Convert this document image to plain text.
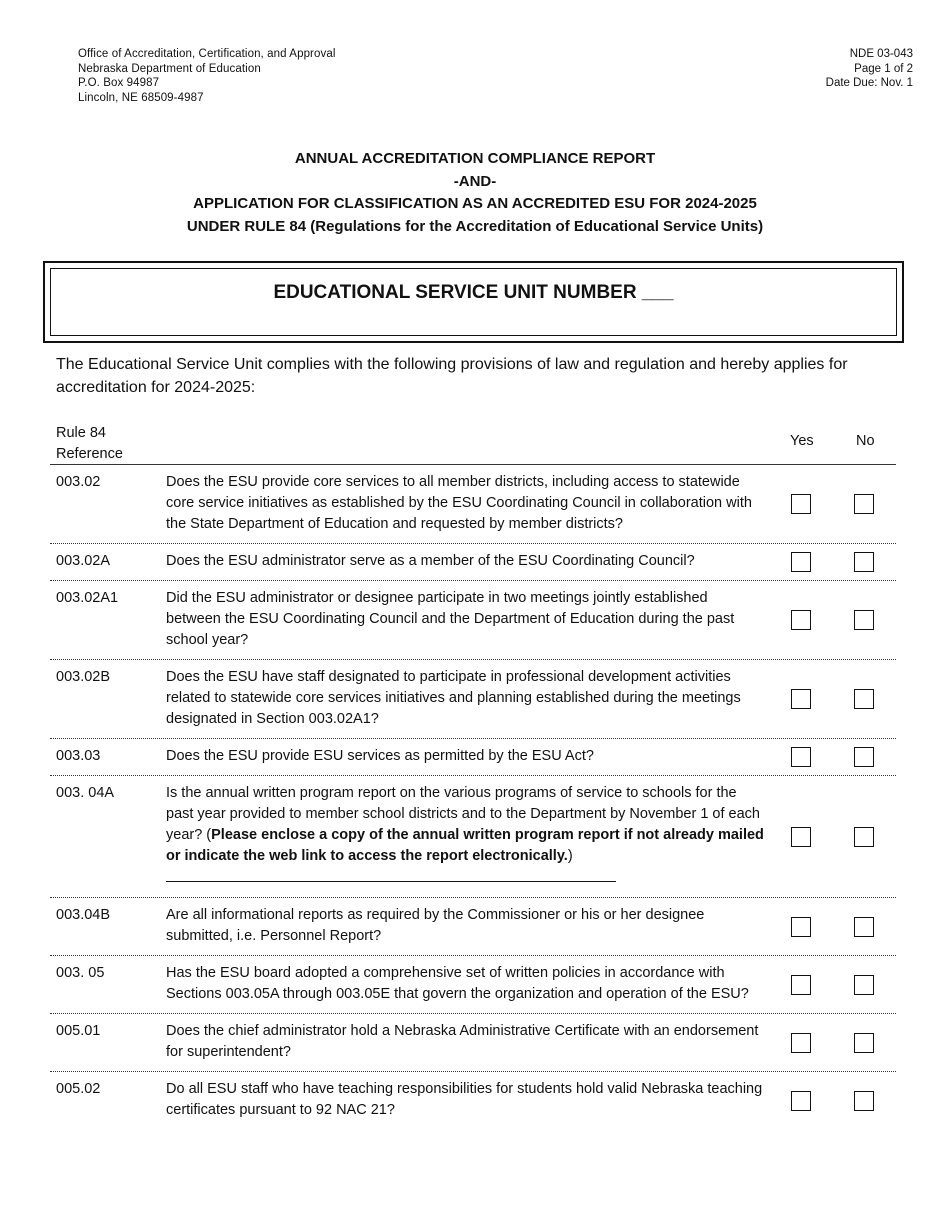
Office of Accreditation, Certification, and Approval
Nebraska Department of Education
P.O. Box 94987
Lincoln, NE 68509-4987
NDE 03-043
Page 1 of 2
Date Due: Nov. 1
ANNUAL ACCREDITATION COMPLIANCE REPORT
-AND-
APPLICATION FOR CLASSIFICATION AS AN ACCREDITED ESU FOR 2024-2025
UNDER RULE 84 (Regulations for the Accreditation of Educational Service Units)
EDUCATIONAL SERVICE UNIT NUMBER ___
The Educational Service Unit complies with the following provisions of law and regulation and hereby applies for accreditation for 2024-2025:
Rule 84
Reference
Yes	No
003.02	Does the ESU provide core services to all member districts, including access to statewide core service initiatives as established by the ESU Coordinating Council in collaboration with the State Department of Education and requested by member districts?
003.02A	Does the ESU administrator serve as a member of the ESU Coordinating Council?
003.02A1	Did the ESU administrator or designee participate in two meetings jointly established between the ESU Coordinating Council and the Department of Education during the past school year?
003.02B	Does the ESU have staff designated to participate in professional development activities related to statewide core services initiatives and planning established during the meetings designated in Section 003.02A1?
003.03	Does the ESU provide ESU services as permitted by the ESU Act?
003. 04A	Is the annual written program report on the various programs of service to schools for the past year provided to member school districts and to the Department by November 1 of each year? (Please enclose a copy of the annual written program report if not already mailed or indicate the web link to access the report electronically.)
003.04B	Are all informational reports as required by the Commissioner or his or her designee submitted, i.e. Personnel Report?
003. 05	Has the ESU board adopted a comprehensive set of written policies in accordance with Sections 003.05A through 003.05E that govern the organization and operation of the ESU?
005.01	Does the chief administrator hold a Nebraska Administrative Certificate with an endorsement for superintendent?
005.02	Do all ESU staff who have teaching responsibilities for students hold valid Nebraska teaching certificates pursuant to 92 NAC 21?
